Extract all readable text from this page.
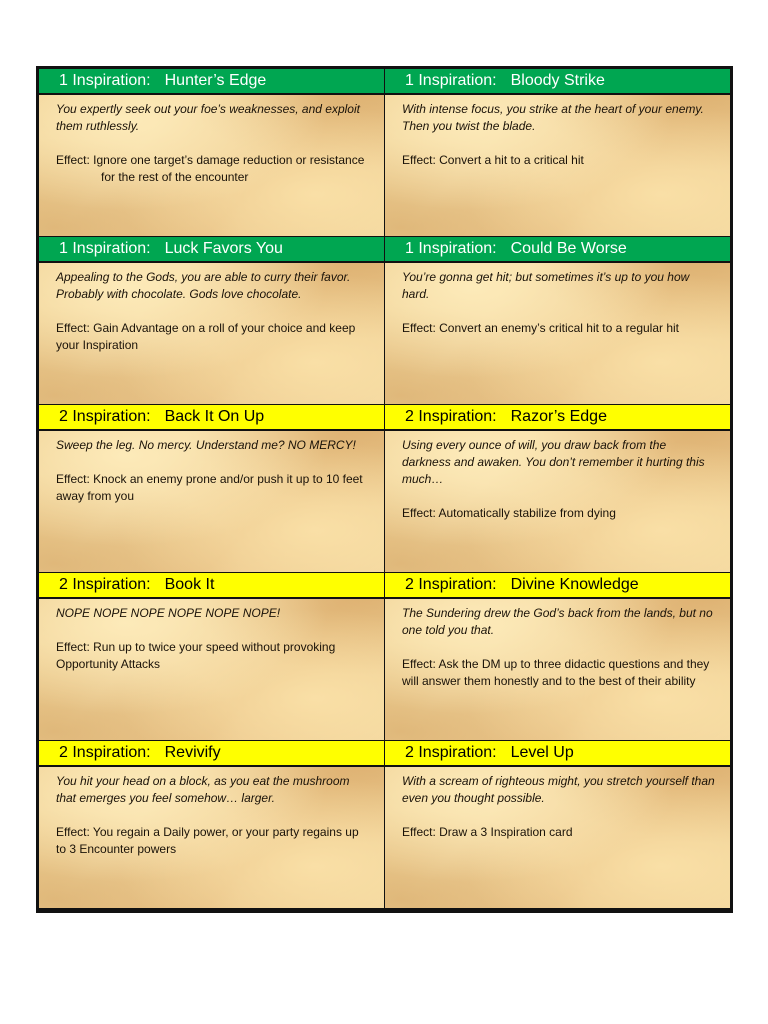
1 Inspiration: Hunter’s Edge

You expertly seek out your foe’s weaknesses, and exploit them ruthlessly.

Effect: Ignore one target’s damage reduction or resistance for the rest of the encounter

1 Inspiration: Bloody Strike

With intense focus, you strike at the heart of your enemy. Then you twist the blade.

Effect: Convert a hit to a critical hit

1 Inspiration: Luck Favors You

Appealing to the Gods, you are able to curry their favor. Probably with chocolate. Gods love chocolate.

Effect: Gain Advantage on a roll of your choice and keep your Inspiration

1 Inspiration: Could Be Worse

You’re gonna get hit; but sometimes it’s up to you how hard.

Effect: Convert an enemy’s critical hit to a regular hit

2 Inspiration: Back It On Up

Sweep the leg. No mercy. Understand me? NO MERCY!

Effect: Knock an enemy prone and/or push it up to 10 feet away from you

2 Inspiration: Razor’s Edge

Using every ounce of will, you draw back from the darkness and awaken. You don’t remember it hurting this much…

Effect: Automatically stabilize from dying

2 Inspiration: Book It

NOPE NOPE NOPE NOPE NOPE NOPE!

Effect: Run up to twice your speed without provoking Opportunity Attacks

2 Inspiration: Divine Knowledge

The Sundering drew the God’s back from the lands, but no one told you that.

Effect: Ask the DM up to three didactic questions and they will answer them honestly and to the best of their ability

2 Inspiration: Revivify

You hit your head on a block, as you eat the mushroom that emerges you feel somehow… larger.

Effect: You regain a Daily power, or your party regains up to 3 Encounter powers

2 Inspiration: Level Up

With a scream of righteous might, you stretch yourself than even you thought possible.

Effect: Draw a 3 Inspiration card
